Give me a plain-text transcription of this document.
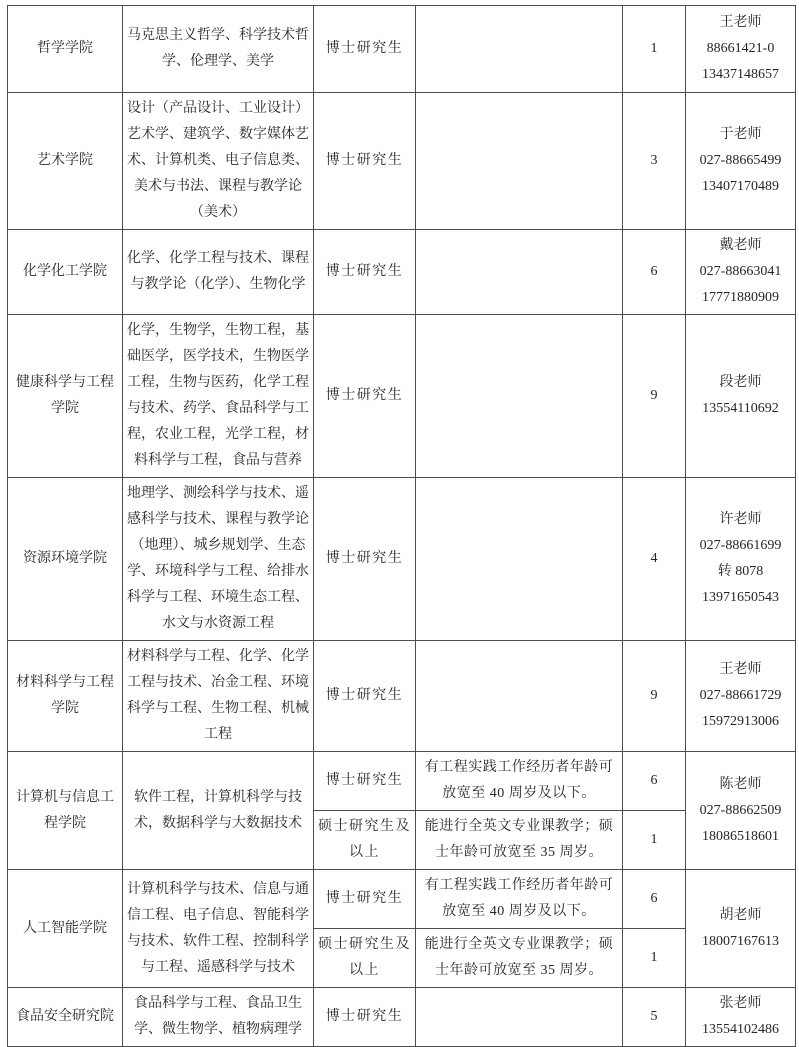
哲学学院	马克思主义哲学、科学技术哲学、伦理学、美学	博士研究生		1	王老师
88661421-0
13437148657

艺术学院	设计（产品设计、工业设计）艺术学、建筑学、数字媒体艺术、计算机类、电子信息类、美术与书法、课程与教学论（美术）	博士研究生		3	于老师
027-88665499
13407170489

化学化工学院	化学、化学工程与技术、课程与教学论（化学）、生物化学	博士研究生		6	戴老师
027-88663041
17771880909

健康科学与工程学院	化学，生物学，生物工程，基础医学，医学技术，生物医学工程，生物与医药，化学工程与技术、药学、食品科学与工程，农业工程，光学工程，材料科学与工程，食品与营养	博士研究生		9	段老师
13554110692

资源环境学院	地理学、测绘科学与技术、遥感科学与技术、课程与教学论（地理）、城乡规划学、生态学、环境科学与工程、给排水科学与工程、环境生态工程、水文与水资源工程	博士研究生		4	许老师
027-88661699
转 8078
13971650543

材料科学与工程学院	材料科学与工程、化学、化学工程与技术、冶金工程、环境科学与工程、生物工程、机械工程	博士研究生		9	王老师
027-88661729
15972913006

计算机与信息工程学院	软件工程，计算机科学与技术，数据科学与大数据技术	博士研究生	有工程实践工作经历者年龄可放宽至 40 周岁及以下。	6	陈老师
027-88662509
18086518601

		硕士研究生及以上	能进行全英文专业课教学；硕士年龄可放宽至 35 周岁。	1	
人工智能学院	计算机科学与技术、信息与通信工程、电子信息、智能科学与技术、软件工程、控制科学与工程、遥感科学与技术	博士研究生	有工程实践工作经历者年龄可放宽至 40 周岁及以下。	6	胡老师
18007167613

		硕士研究生及以上	能进行全英文专业课教学；硕士年龄可放宽至 35 周岁。	1	
食品安全研究院	食品科学与工程、食品卫生学、微生物学、植物病理学	博士研究生		5	张老师
13554102486
